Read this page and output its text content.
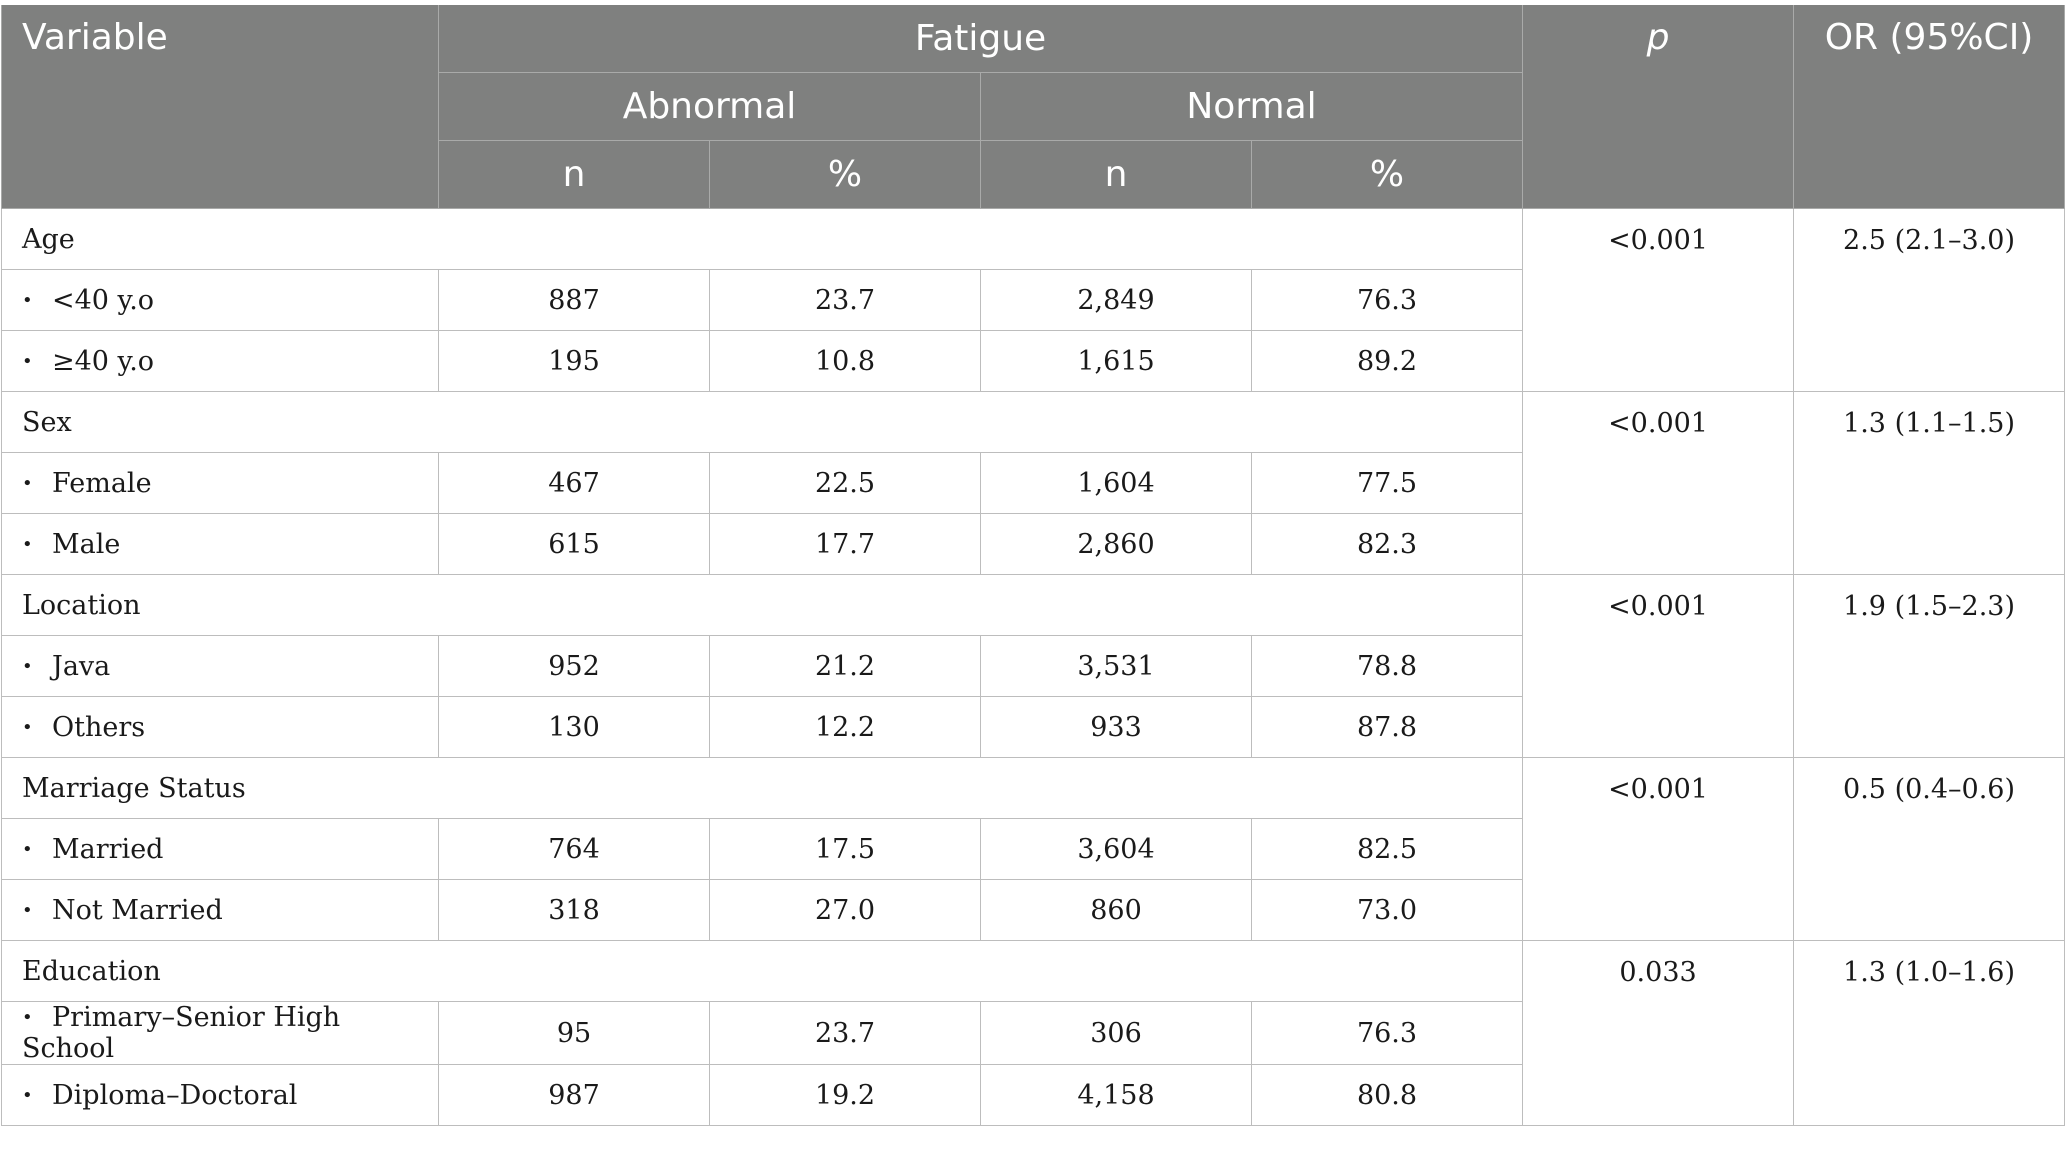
Variable	Fatigue				p	OR (95%CI)
	Abnormal		Normal			
	n	%	n	%		
Age					<0.001	2.5 (2.1–3.0)
• <40 y.o	887	23.7	2,849	76.3		
• ≥40 y.o	195	10.8	1,615	89.2		
Sex					<0.001	1.3 (1.1–1.5)
• Female	467	22.5	1,604	77.5		
• Male	615	17.7	2,860	82.3		
Location					<0.001	1.9 (1.5–2.3)
• Java	952	21.2	3,531	78.8		
• Others	130	12.2	933	87.8		
Marriage Status					<0.001	0.5 (0.4–0.6)
• Married	764	17.5	3,604	82.5		
• Not Married	318	27.0	860	73.0		
Education					0.033	1.3 (1.0–1.6)
• Primary–Senior High School	95	23.7	306	76.3		
• Diploma–Doctoral	987	19.2	4,158	80.8		
